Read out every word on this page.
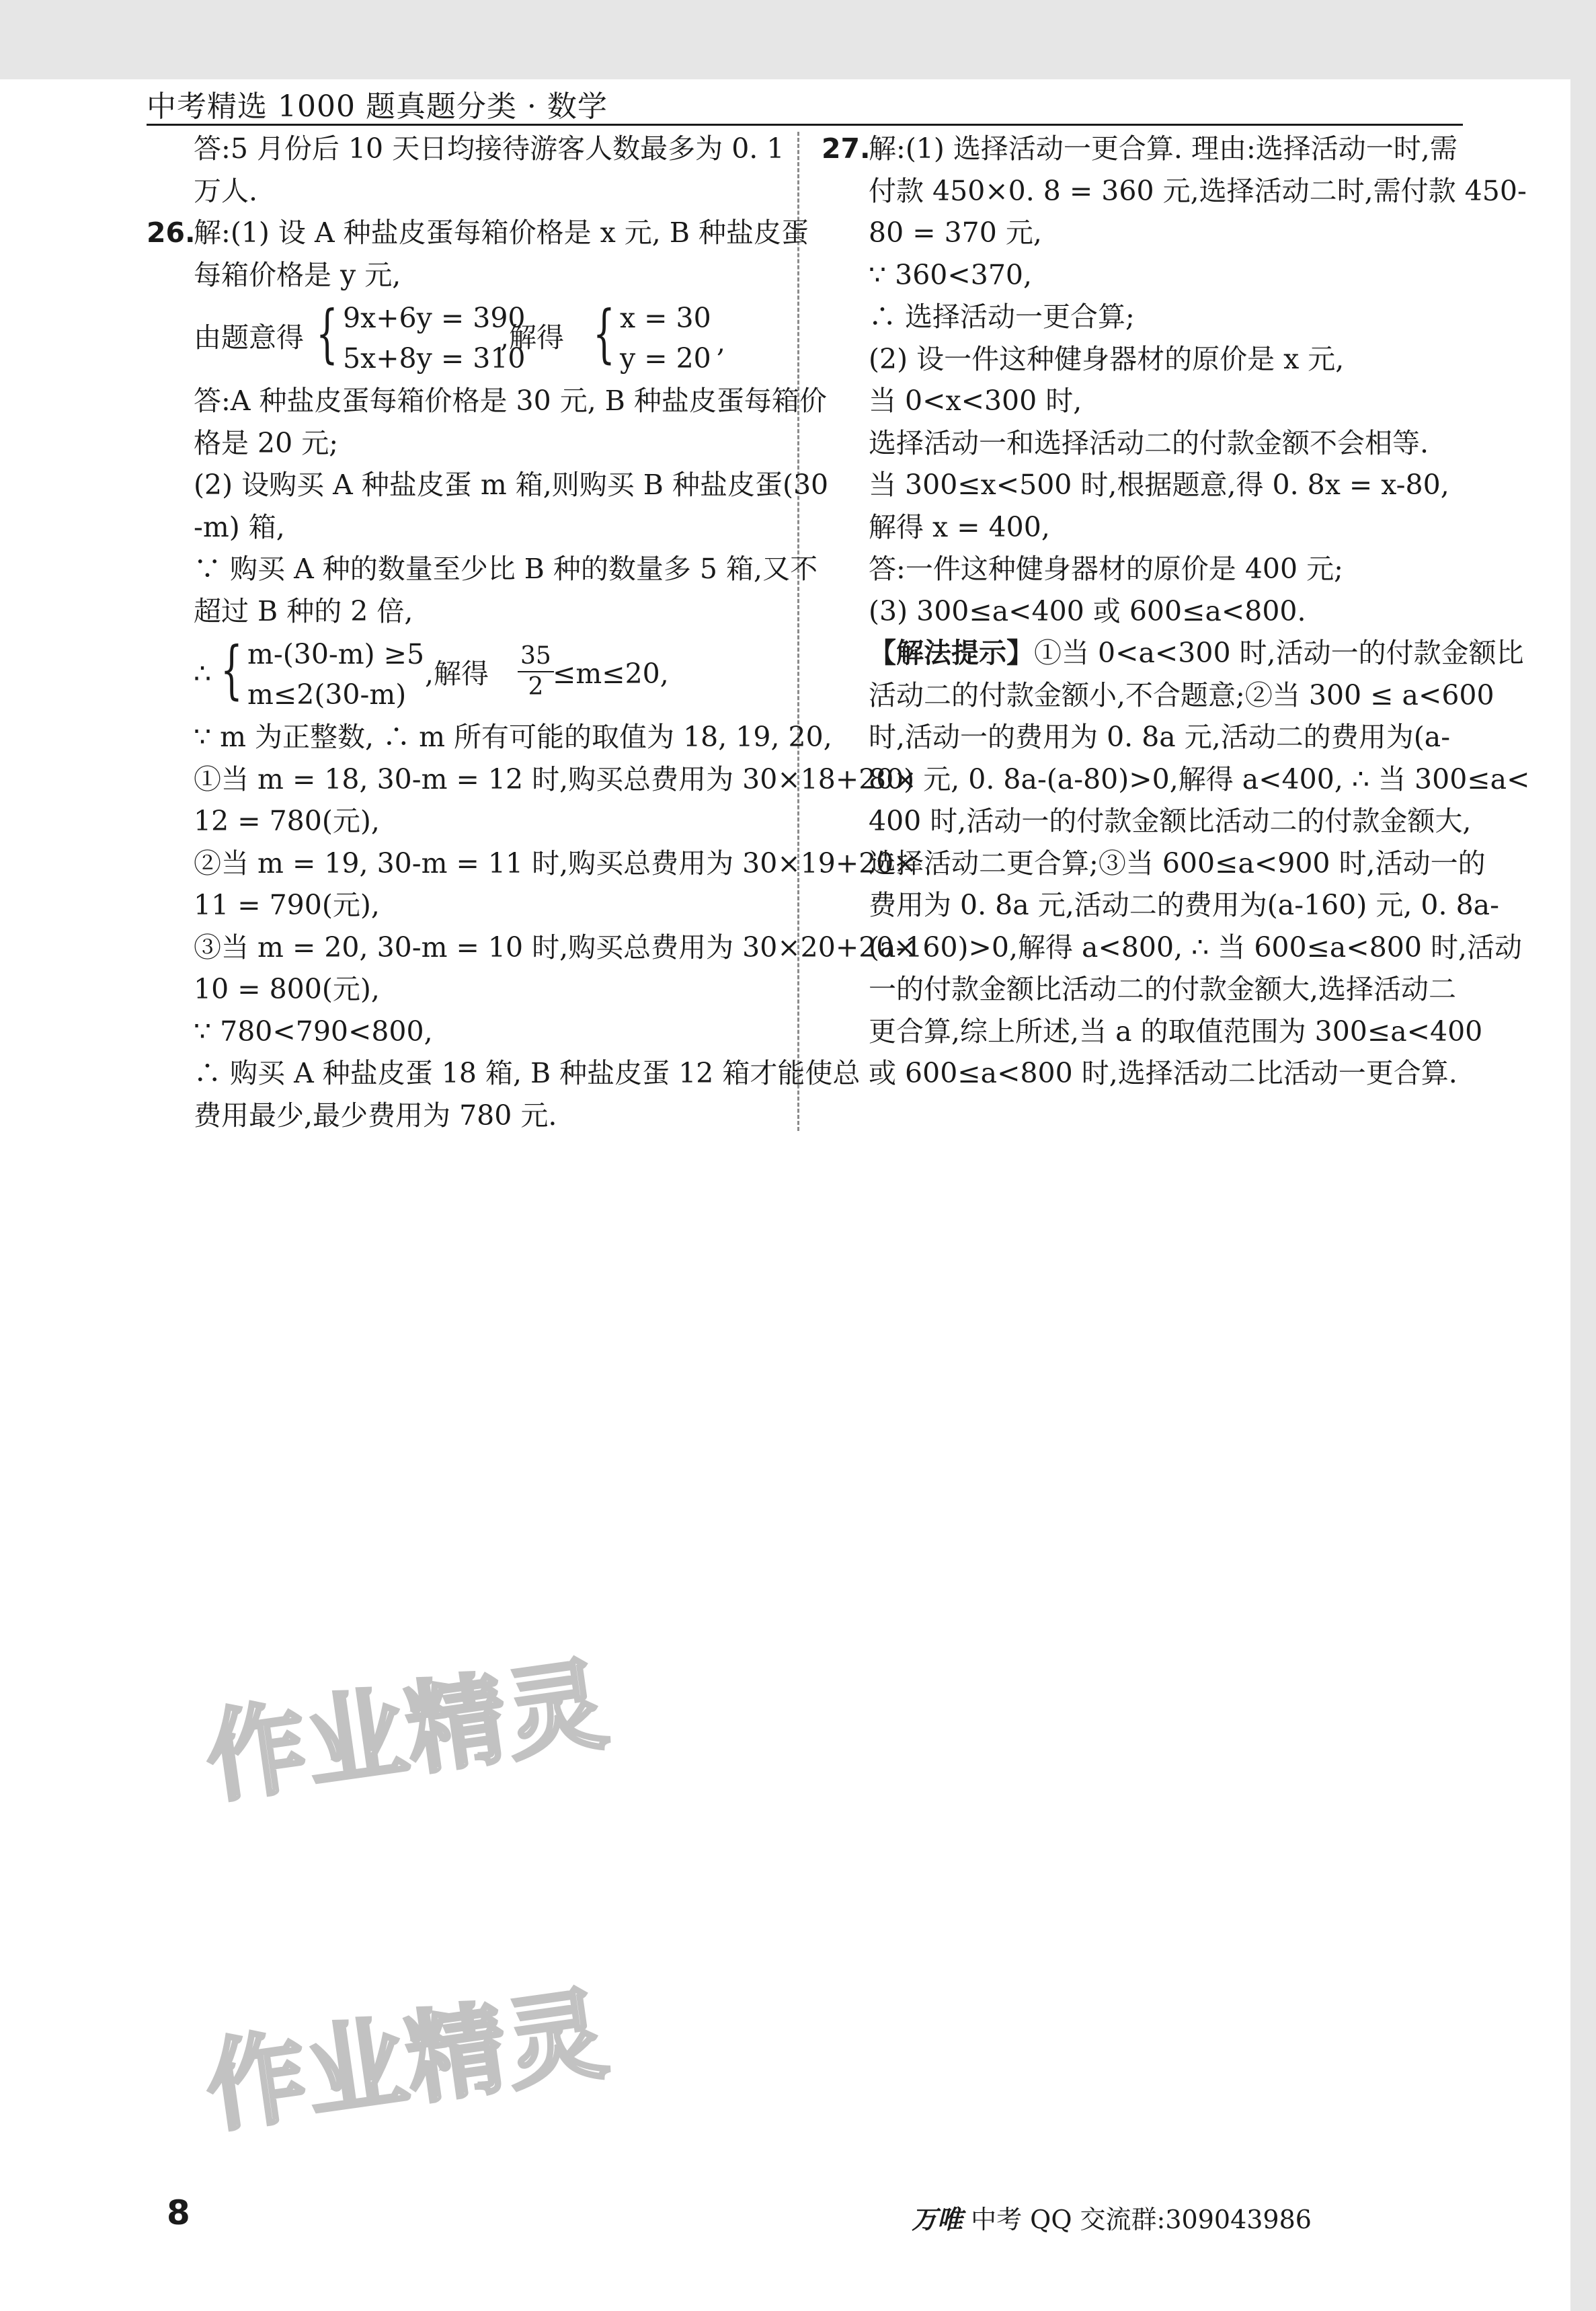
中考精选 1000 题真题分类 · 数学
答:5 月份后 10 天日均接待游客人数最多为 0. 1
万人.
26.解:(1) 设 A 种盐皮蛋每箱价格是 x 元, B 种盐皮蛋
每箱价格是 y 元,
由题意得 { 9x+6y = 390
5x+8y = 310
,解得 { x = 30
y = 20 ,
答:A 种盐皮蛋每箱价格是 30 元, B 种盐皮蛋每箱价
格是 20 元;
(2) 设购买 A 种盐皮蛋 m 箱,则购买 B 种盐皮蛋(30
-m) 箱,
∵ 购买 A 种的数量至少比 B 种的数量多 5 箱,又不
超过 B 种的 2 倍,
∴ { m-(30-m) ≥5
m≤2(30-m)
,解得 $\frac{35}{2}$
≤m≤20,
∵ m 为正整数, ∴ m 所有可能的取值为 18, 19, 20,
①当 m = 18, 30-m = 12 时,购买总费用为 30×18+20×
12 = 780(元),
②当 m = 19, 30-m = 11 时,购买总费用为 30×19+20×
11 = 790(元),
③当 m = 20, 30-m = 10 时,购买总费用为 30×20+20×
10 = 800(元),
∵ 780<790<800,
∴ 购买 A 种盐皮蛋 18 箱, B 种盐皮蛋 12 箱才能使总
费用最少,最少费用为 780 元.
27.解:(1) 选择活动一更合算. 理由:选择活动一时,需
付款 450×0. 8 = 360 元,选择活动二时,需付款 450-
80 = 370 元,
∵ 360<370,
∴ 选择活动一更合算;
(2) 设一件这种健身器材的原价是 x 元,
当 0<x<300 时,
选择活动一和选择活动二的付款金额不会相等.
当 300≤x<500 时,根据题意,得 0. 8x = x-80,
解得 x = 400,
答:一件这种健身器材的原价是 400 元;
(3) 300≤a<400 或 600≤a<800.
【解法提示】①当 0<a<300 时,活动一的付款金额比
活动二的付款金额小,不合题意;②当 300 ≤ a<600
时,活动一的费用为 0. 8a 元,活动二的费用为(a-
80) 元, 0. 8a-(a-80)>0,解得 a<400, ∴ 当 300≤a<
400 时,活动一的付款金额比活动二的付款金额大,
选择活动二更合算;③当 600≤a<900 时,活动一的
费用为 0. 8a 元,活动二的费用为(a-160) 元, 0. 8a-
(a-160)>0,解得 a<800, ∴ 当 600≤a<800 时,活动
一的付款金额比活动二的付款金额大,选择活动二
更合算,综上所述,当 a 的取值范围为 300≤a<400
或 600≤a<800 时,选择活动二比活动一更合算.
作业精灵
作业精灵
8	万唯 中考 QQ 交流群:309043986
